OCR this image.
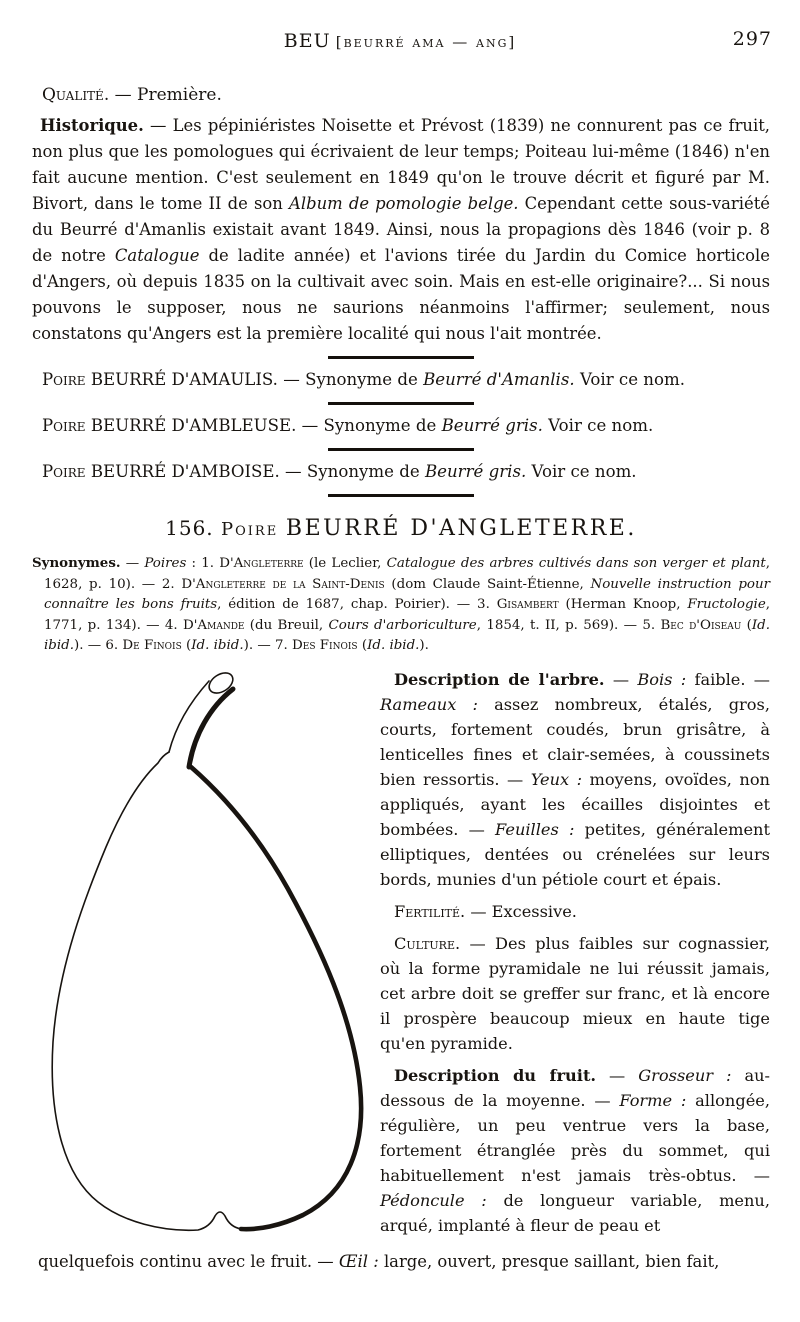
BEU [beurré ama — ang]	297

Qualité. — Première.

Historique. — Les pépiniéristes Noisette et Prévost (1839) ne connurent pas ce fruit, non plus que les pomologues qui écrivaient de leur temps; Poiteau lui-même (1846) n'en fait aucune mention. C'est seulement en 1849 qu'on le trouve décrit et figuré par M. Bivort, dans le tome II de son Album de pomologie belge. Cependant cette sous-variété du Beurré d'Amanlis existait avant 1849. Ainsi, nous la propagions dès 1846 (voir p. 8 de notre Catalogue de ladite année) et l'avions tirée du Jardin du Comice horticole d'Angers, où depuis 1835 on la cultivait avec soin. Mais en est-elle originaire?... Si nous pouvons le supposer, nous ne saurions néanmoins l'affirmer; seulement, nous constatons qu'Angers est la première localité qui nous l'ait montrée.

Poire BEURRÉ D'AMAULIS. — Synonyme de Beurré d'Amanlis. Voir ce nom.

Poire BEURRÉ D'AMBLEUSE. — Synonyme de Beurré gris. Voir ce nom.

Poire BEURRÉ D'AMBOISE. — Synonyme de Beurré gris. Voir ce nom.

156. Poire BEURRÉ D'ANGLETERRE.

Synonymes. — Poires : 1. D'Angleterre (le Leclier, Catalogue des arbres cultivés dans son verger et plant, 1628, p. 10). — 2. D'Angleterre de la Saint-Denis (dom Claude Saint-Étienne, Nouvelle instruction pour connaître les bons fruits, édition de 1687, chap. Poirier). — 3. Gisambert (Herman Knoop, Fructologie, 1771, p. 134). — 4. D'Amande (du Breuil, Cours d'arboriculture, 1854, t. II, p. 569). — 5. Bec d'Oiseau (Id. ibid.). — 6. De Finois (Id. ibid.). — 7. Des Finois (Id. ibid.).

Description de l'arbre. — Bois : faible. — Rameaux : assez nombreux, étalés, gros, courts, fortement coudés, brun grisâtre, à lenticelles fines et clair-semées, à coussinets bien ressortis. — Yeux : moyens, ovoïdes, non appliqués, ayant les écailles disjointes et bombées. — Feuilles : petites, généralement elliptiques, dentées ou crénelées sur leurs bords, munies d'un pétiole court et épais.

Fertilité. — Excessive.

Culture. — Des plus faibles sur cognassier, où la forme pyramidale ne lui réussit jamais, cet arbre doit se greffer sur franc, et là encore il prospère beaucoup mieux en haute tige qu'en pyramide.

Description du fruit. — Grosseur : au-dessous de la moyenne. — Forme : allongée, régulière, un peu ventrue vers la base, fortement étranglée près du sommet, qui habituellement n'est jamais très-obtus. — Pédoncule : de longueur variable, menu, arqué, implanté à fleur de peau et

quelquefois continu avec le fruit. — Œil : large, ouvert, presque saillant, bien fait,
